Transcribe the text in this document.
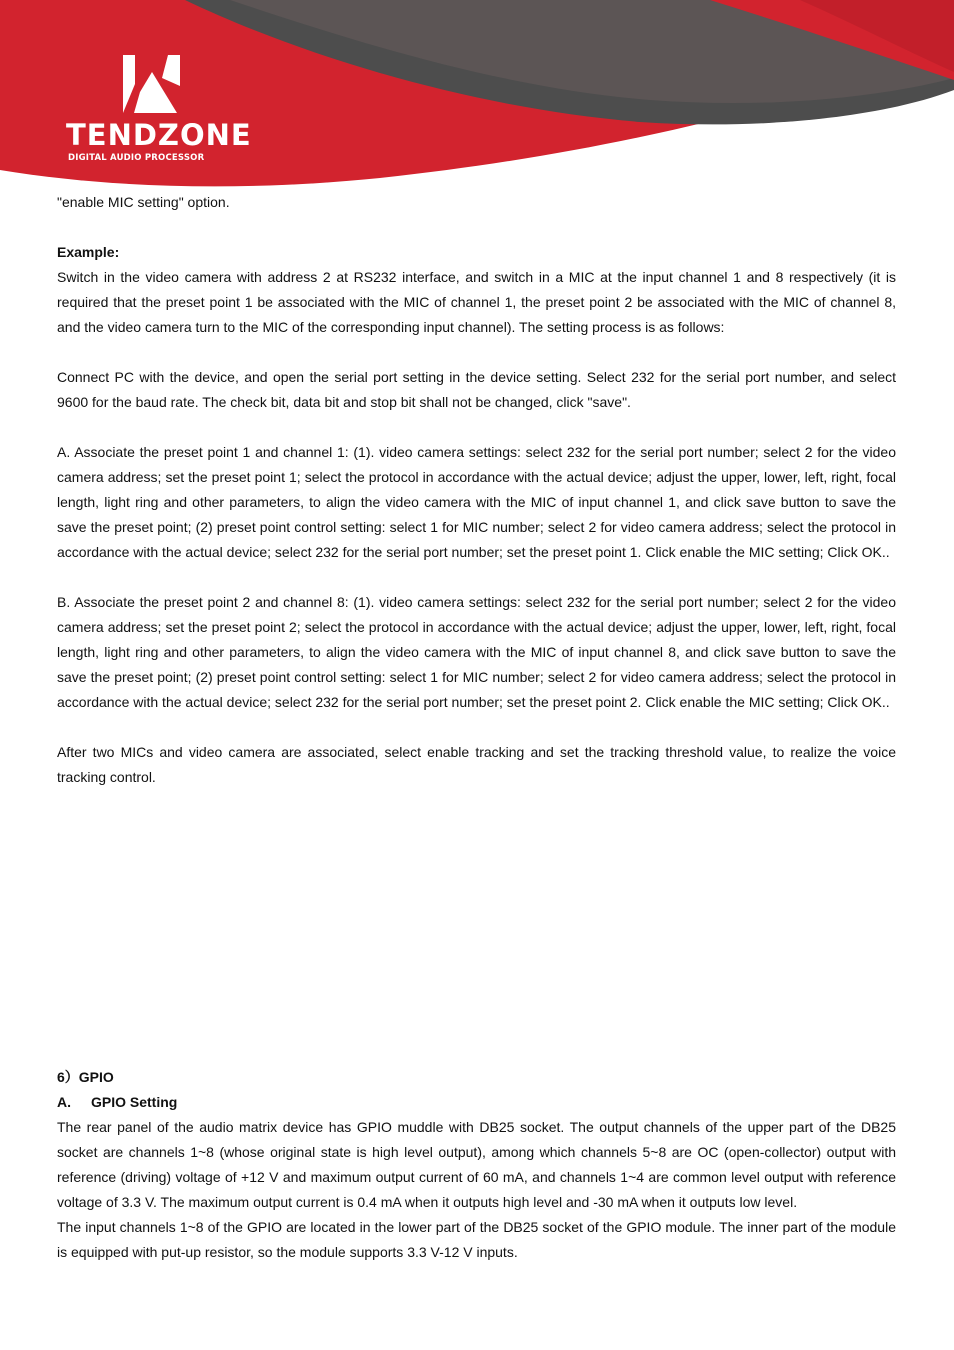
TENDZONE
DIGITAL AUDIO PROCESSOR

"enable MIC setting" option.

Example:

Switch in the video camera with address 2 at RS232 interface, and switch in a MIC at the input channel 1 and 8 respectively (it is required that the preset point 1 be associated with the MIC of channel 1, the preset point 2 be associated with the MIC of channel 8, and the video camera turn to the MIC of the corresponding input channel). The setting process is as follows:

Connect PC with the device, and open the serial port setting in the device setting. Select 232 for the serial port number, and select 9600 for the baud rate. The check bit, data bit and stop bit shall not be changed, click "save".

A. Associate the preset point 1 and channel 1: (1). video camera settings: select 232 for the serial port number; select 2 for the video camera address; set the preset point 1; select the protocol in accordance with the actual device; adjust the upper, lower, left, right, focal length, light ring and other parameters, to align the video camera with the MIC of input channel 1, and click save button to save the save the preset point; (2) preset point control setting: select 1 for MIC number; select 2 for video camera address; select the protocol in accordance with the actual device; select 232 for the serial port number; set the preset point 1. Click enable the MIC setting; Click OK..

B. Associate the preset point 2 and channel 8: (1). video camera settings: select 232 for the serial port number; select 2 for the video camera address; set the preset point 2; select the protocol in accordance with the actual device; adjust the upper, lower, left, right, focal length, light ring and other parameters, to align the video camera with the MIC of input channel 8, and click save button to save the save the preset point; (2) preset point control setting: select 1 for MIC number; select 2 for video camera address; select the protocol in accordance with the actual device; select 232 for the serial port number; set the preset point 2. Click enable the MIC setting; Click OK..

After two MICs and video camera are associated, select enable tracking and set the tracking threshold value, to realize the voice tracking control.

6）GPIO

A.	GPIO Setting

The rear panel of the audio matrix device has GPIO muddle with DB25 socket. The output channels of the upper part of the DB25 socket are channels 1~8 (whose original state is high level output), among which channels 5~8 are OC (open-collector) output with reference (driving) voltage of +12 V and maximum output current of 60 mA, and channels 1~4 are common level output with reference voltage of 3.3 V. The maximum output current is 0.4 mA when it outputs high level and -30 mA when it outputs low level.

The input channels 1~8 of the GPIO are located in the lower part of the DB25 socket of the GPIO module. The inner part of the module is equipped with put-up resistor, so the module supports 3.3 V-12 V inputs.
